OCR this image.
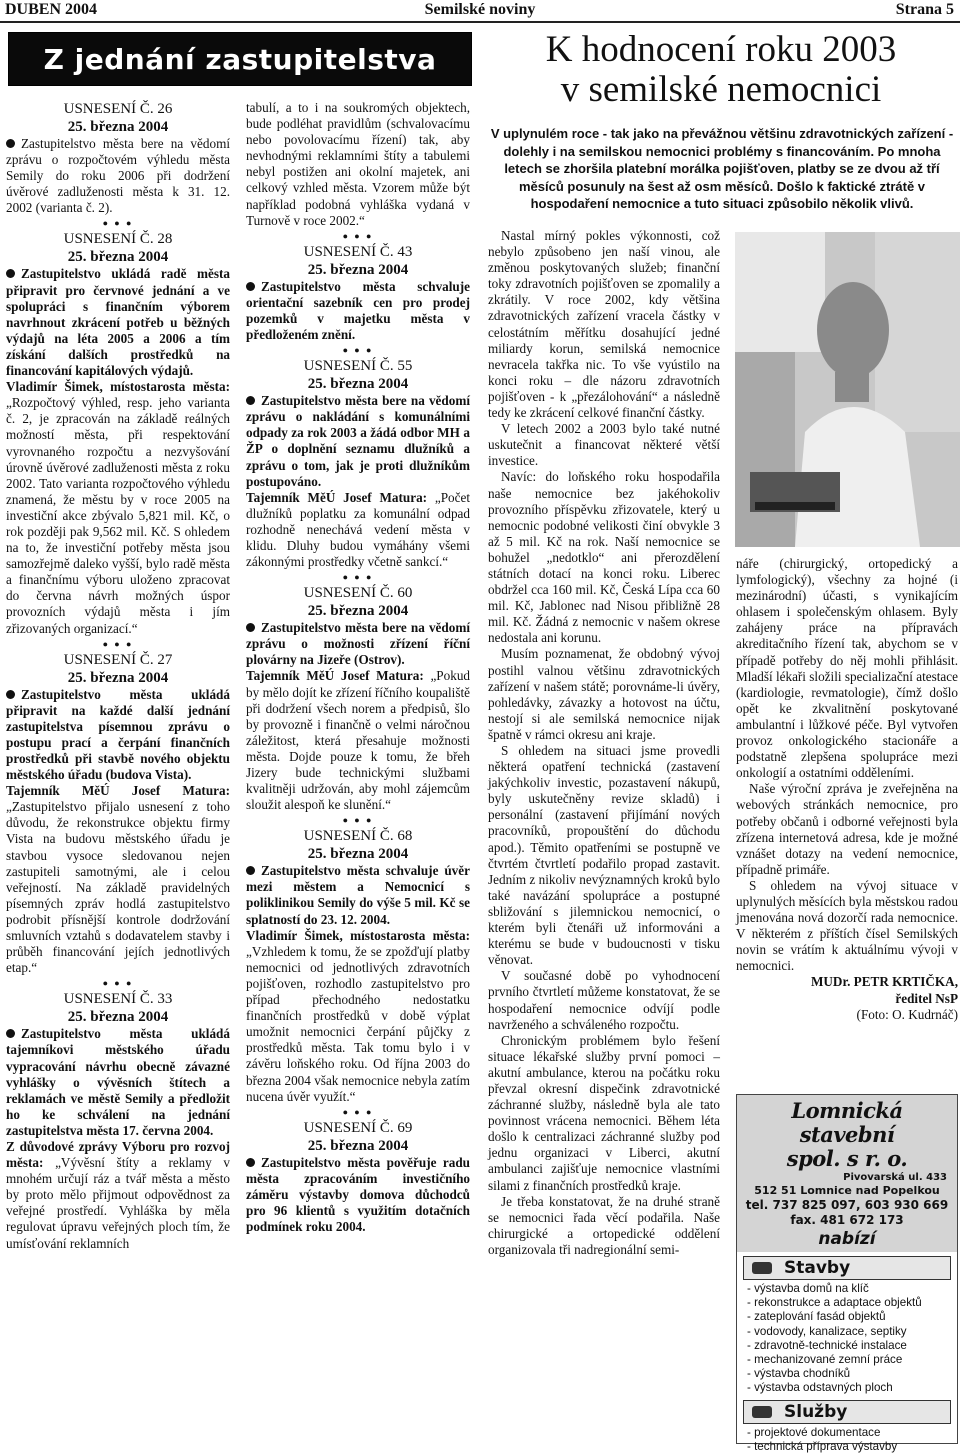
DUBEN 2004	Semilské noviny	Strana 5
Z jednání zastupitelstva

USNESENÍ Č. 26

25. března 2004

Zastupitelstvo města bere na vědomí zprávu o rozpočtovém výhledu města Semily do roku 2006 při dodržení úvěrové zadluženosti města k 31. 12. 2002 (varianta č. 2).

● ● ●

USNESENÍ Č. 28

25. března 2004

Zastupitelstvo ukládá radě města připravit pro červnové jednání a ve spolupráci s finančním výborem navrhnout zkrácení potřeb u běžných výdajů na léta 2005 a 2006 a tím získání dalších prostředků na financování kapitálových výdajů.

Vladimír Šimek, místostarosta města: „Rozpočtový výhled, resp. jeho varianta č. 2, je zpracován na základě reálných možností města, při respektování vyrovnaného rozpočtu a nezvyšování úrovně úvěrové zadluženosti města z roku 2002. Tato varianta rozpočtového výhledu znamená, že městu by v roce 2005 na investiční akce zbývalo 5,821 mil. Kč, o rok později pak 9,562 mil. Kč. S ohledem na to, že investiční potřeby města jsou samozřejmě daleko vyšší, bylo radě města a finančnímu výboru uloženo zpracovat do června návrh možných úspor provozních výdajů města i jím zřizovaných organizací.“

● ● ●

USNESENÍ Č. 27

25. března 2004

Zastupitelstvo města ukládá připravit na každé další jednání zastupitelstva písemnou zprávu o postupu prací a čerpání finančních prostředků při stavbě nového objektu městského úřadu (budova Vista).

Tajemník MěÚ Josef Matura: „Zastupitelstvo přijalo usnesení z toho důvodu, že rekonstrukce objektu firmy Vista na budovu městského úřadu je stavbou vysoce sledovanou nejen zastupiteli samotnými, ale i celou veřejností. Na základě pravidelných písemných zpráv hodlá zastupitelstvo podrobit přísnější kontrole dodržování smluvních vztahů s dodavatelem stavby i průběh financování jejích jednotlivých etap.“

● ● ●

USNESENÍ Č. 33

25. března 2004

Zastupitelstvo města ukládá tajemníkovi městského úřadu vypracování návrhu obecně závazné vyhlášky o vývěsních štítech a reklamách ve městě Semily a předložit ho ke schválení na jednání zastupitelstva města 17. června 2004.

Z důvodové zprávy Výboru pro rozvoj města: „Vývěsní štíty a reklamy v mnohém určují ráz a tvář města a město by proto mělo přijmout odpovědnost za veřejné prostředí. Vyhláška by měla regulovat úpravu veřejných ploch tím, že umísťování reklamních

tabulí, a to i na soukromých objektech, bude podléhat pravidlům (schvalovacímu nebo povolovacímu řízení) tak, aby nevhodnými reklamními štíty a tabulemi nebyl postižen ani okolní majetek, ani celkový vzhled města. Vzorem může být například podobná vyhláška vydaná v Turnově v roce 2002.“

● ● ●

USNESENÍ Č. 43

25. března 2004

Zastupitelstvo města schvaluje orientační sazebník cen pro prodej pozemků v majetku města v předloženém znění.

● ● ●

USNESENÍ Č. 55

25. března 2004

Zastupitelstvo města bere na vědomí zprávu o nakládání s komunálními odpady za rok 2003 a žádá odbor MH a ŽP o doplnění seznamu dlužníků a zprávu o tom, jak je proti dlužníkům postupováno.

Tajemník MěÚ Josef Matura: „Počet dlužníků poplatku za komunální odpad rozhodně nenechává vedení města v klidu. Dluhy budou vymáhány všemi zákonnými prostředky včetně sankcí.“

● ● ●

USNESENÍ Č. 60

25. března 2004

Zastupitelstvo města bere na vědomí zprávu o možnosti zřízení říční plovárny na Jizeře (Ostrov).

Tajemník MěÚ Josef Matura: „Pokud by mělo dojít ke zřízení říčního koupaliště při dodržení všech norem a předpisů, šlo by provozně i finančně o velmi náročnou záležitost, která přesahuje možnosti města. Dojde pouze k tomu, že břeh Jizery bude technickými službami kvalitněji udržován, aby mohl zájemcům sloužit alespoň ke slunění.“

● ● ●

USNESENÍ Č. 68

25. března 2004

Zastupitelstvo města schvaluje úvěr mezi městem a Nemocnicí s poliklinikou Semily do výše 5 mil. Kč se splatností do 23. 12. 2004.

Vladimír Šimek, místostarosta města: „Vzhledem k tomu, že se zpožďují platby nemocnici od jednotlivých zdravotních pojišťoven, rozhodlo zastupitelstvo pro případ přechodného nedostatku finančních prostředků v době výplat umožnit nemocnici čerpání půjčky z prostředků města. Tak tomu bylo i v závěru loňského roku. Od října 2003 do března 2004 však nemocnice nebyla zatím nucena úvěr využít.“

● ● ●

USNESENÍ Č. 69

25. března 2004

Zastupitelstvo města pověřuje radu města zpracováním investičního záměru výstavby domova důchodců pro 96 klientů s využitím dotačních podmínek roku 2004.

K hodnocení roku 2003
v semilské nemocnici
V uplynulém roce - tak jako na převážnou většinu zdravotnických zařízení - dolehly i na semilskou nemocnici problémy s financováním. Po mnoha letech se zhoršila platební morálka pojišťoven, platby se ze dvou až tří měsíců posunuly na šest až osm měsíců. Došlo k faktické ztrátě v hospodaření nemocnice a tuto situaci způsobilo několik vlivů.

Nastal mírný pokles výkonnosti, což nebylo způsobeno jen naší vinou, ale změnou poskytovaných služeb; finanční toky zdravotních pojišťoven se zpomalily a zkrátily. V roce 2002, kdy většina zdravotnických zařízení vracela částky v celostátním měřítku dosahující jedné miliardy korun, semilská nemocnice nevracela takřka nic. To vše vyústilo na konci roku – dle názoru zdravotních pojišťoven - k „přezálohování“ a následně tedy ke zkrácení celkové finanční částky.

V letech 2002 a 2003 bylo také nutné uskutečnit a financovat některé větší investice.

Navíc: do loňského roku hospodařila naše nemocnice bez jakéhokoliv provozního příspěvku zřizovatele, který u nemocnic podobné velikosti činí obvykle 3 až 5 mil. Kč na rok. Naší nemocnice se bohužel „nedotklo“ ani přerozdělení státních dotací na konci roku. Liberec obdržel cca 160 mil. Kč, Česká Lípa cca 60 mil. Kč, Jablonec nad Nisou přibližně 28 mil. Kč. Žádná z nemocnic v našem okrese nedostala ani korunu.

Musím poznamenat, že obdobný vývoj postihl valnou většinu zdravotnických zařízení v našem státě; porovnáme-li úvěry, pohledávky, závazky a hotovost na účtu, nestojí si ale semilská nemocnice nijak špatně v rámci okresu ani kraje.

S ohledem na situaci jsme provedli některá opatření technická (zastavení jakýchkoliv investic, pozastavení nákupů, byly uskutečněny revize skladů) i personální (zastavení přijímání nových pracovníků, propouštění do důchodu apod.). Těmito opatřeními se postupně ve čtvrtém čtvrtletí podařilo propad zastavit. Jedním z nikoliv nevýznamných kroků bylo také navázání spolupráce a postupné sbližování s jilemnickou nemocnicí, o kterém byli čtenáři už informováni a kterému se bude v budoucnosti v tisku věnovat.

V současné době po vyhodnocení prvního čtvrtletí můžeme konstatovat, že se hospodaření nemocnice odvíjí podle navrženého a schváleného rozpočtu.

Chronickým problémem bylo řešení situace lékařské služby první pomoci – akutní ambulance, kterou na počátku roku převzal okresní dispečink zdravotnické záchranné služby, následně byla ale tato povinnost vrácena nemocnici. Během léta došlo k centralizaci záchranné služby pod jednu organizaci v Liberci, akutní ambulanci zajišťuje nemocnice vlastními silami z finančních prostředků kraje.

Je třeba konstatovat, že na druhé straně se nemocnici řada věcí podařila. Naše chirurgické a ortopedické oddělení organizovala tři nadregionální semi-

náře (chirurgický, ortopedický a lymfologický), všechny za hojné (i mezinárodní) účasti, s vynikajícím ohlasem i společenským ohlasem. Byly zahájeny práce na přípravách akreditačního řízení tak, abychom se v případě potřeby do něj mohli přihlásit. Mladší lékaři složili specializační atestace (kardiologie, revmatologie), čímž došlo opět ke zkvalitnění poskytované ambulantní i lůžkové péče. Byl vytvořen provoz onkologického stacionáře a podstatně zlepšena spolupráce mezi onkologií a ostatními odděleními.

Naše výroční zpráva je zveřejněna na webových stránkách nemocnice, pro potřeby občanů i odborné veřejnosti byla zřízena internetová adresa, kde je možné vznášet dotazy na vedení nemocnice, případně primáře.

S ohledem na vývoj situace v uplynulých měsících byla městskou radou jmenována nová dozorčí rada nemocnice. V některém z příštích čísel Semilských novin se vrátím k aktuálnímu vývoji v nemocnici.

MUDr. PETR KRTIČKA,

ředitel NsP

(Foto: O. Kudrnáč)

Lomnická stavební
spol. s r. o.
Pivovarská ul. 433
512 51 Lomnice nad Popelkou
tel. 737 825 097, 603 930 669
fax. 481 672 173
nabízí
Stavby
- výstavba domů na klíč
- rekonstrukce a adaptace objektů
- zateplování fasád objektů
- vodovody, kanalizace, septiky
- zdravotně-technické instalace
- mechanizované zemní práce
- výstavba chodníků
- výstavba odstavných ploch
Služby
- projektové dokumentace
- technická příprava výstavby
